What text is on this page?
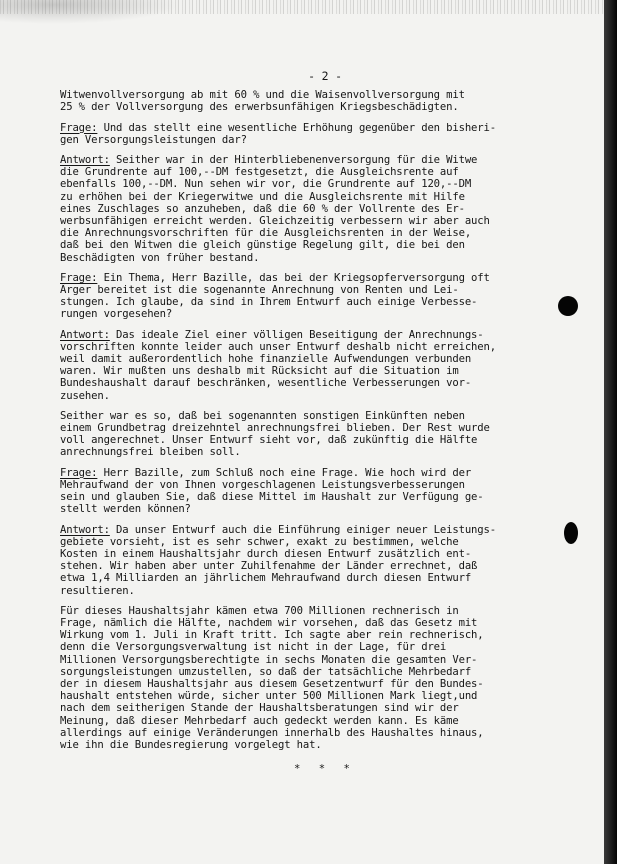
- 2 -
Witwenvollversorgung ab mit 60 % und die Waisenvollversorgung mit
25 % der Vollversorgung des erwerbsunfähigen Kriegsbeschädigten.
Frage: Und das stellt eine wesentliche Erhöhung gegenüber den bisheri-
gen Versorgungsleistungen dar?
Antwort: Seither war in der Hinterbliebenenversorgung für die Witwe
die Grundrente auf 100,--DM festgesetzt, die Ausgleichsrente auf
ebenfalls 100,--DM. Nun sehen wir vor, die Grundrente auf 120,--DM
zu erhöhen bei der Kriegerwitwe und die Ausgleichsrente mit Hilfe
eines Zuschlages so anzuheben, daß die 60 % der Vollrente des Er-
werbsunfähigen erreicht werden. Gleichzeitig verbessern wir aber auch
die Anrechnungsvorschriften für die Ausgleichsrenten in der Weise,
daß bei den Witwen die gleich günstige Regelung gilt, die bei den
Beschädigten von früher bestand.
Frage: Ein Thema, Herr Bazille, das bei der Kriegsopferversorgung oft
Ärger bereitet ist die sogenannte Anrechnung von Renten und Lei-
stungen. Ich glaube, da sind in Ihrem Entwurf auch einige Verbesse-
rungen vorgesehen?
Antwort: Das ideale Ziel einer völligen Beseitigung der Anrechnungs-
vorschriften konnte leider auch unser Entwurf deshalb nicht erreichen,
weil damit außerordentlich hohe finanzielle Aufwendungen verbunden
waren. Wir mußten uns deshalb mit Rücksicht auf die Situation im
Bundeshaushalt darauf beschränken, wesentliche Verbesserungen vor-
zusehen.
Seither war es so, daß bei sogenannten sonstigen Einkünften neben
einem Grundbetrag dreizehntel anrechnungsfrei blieben. Der Rest wurde
voll angerechnet. Unser Entwurf sieht vor, daß zukünftig die Hälfte
anrechnungsfrei bleiben soll.
Frage: Herr Bazille, zum Schluß noch eine Frage. Wie hoch wird der
Mehraufwand der von Ihnen vorgeschlagenen Leistungsverbesserungen
sein und glauben Sie, daß diese Mittel im Haushalt zur Verfügung ge-
stellt werden können?
Antwort: Da unser Entwurf auch die Einführung einiger neuer Leistungs-
gebiete vorsieht, ist es sehr schwer, exakt zu bestimmen, welche
Kosten in einem Haushaltsjahr durch diesen Entwurf zusätzlich ent-
stehen. Wir haben aber unter Zuhilfenahme der Länder errechnet, daß
etwa 1,4 Milliarden an jährlichem Mehraufwand durch diesen Entwurf
resultieren.
Für dieses Haushaltsjahr kämen etwa 700 Millionen rechnerisch in
Frage, nämlich die Hälfte, nachdem wir vorsehen, daß das Gesetz mit
Wirkung vom 1. Juli in Kraft tritt. Ich sagte aber rein rechnerisch,
denn die Versorgungsverwaltung ist nicht in der Lage, für drei
Millionen Versorgungsberechtigte in sechs Monaten die gesamten Ver-
sorgungsleistungen umzustellen, so daß der tatsächliche Mehrbedarf
der in diesem Haushaltsjahr aus diesem Gesetzentwurf für den Bundes-
haushalt entstehen würde, sicher unter 500 Millionen Mark liegt,und
nach dem seitherigen Stande der Haushaltsberatungen sind wir der
Meinung, daß dieser Mehrbedarf auch gedeckt werden kann. Es käme
allerdings auf einige Veränderungen innerhalb des Haushaltes hinaus,
wie ihn die Bundesregierung vorgelegt hat.
* * *
